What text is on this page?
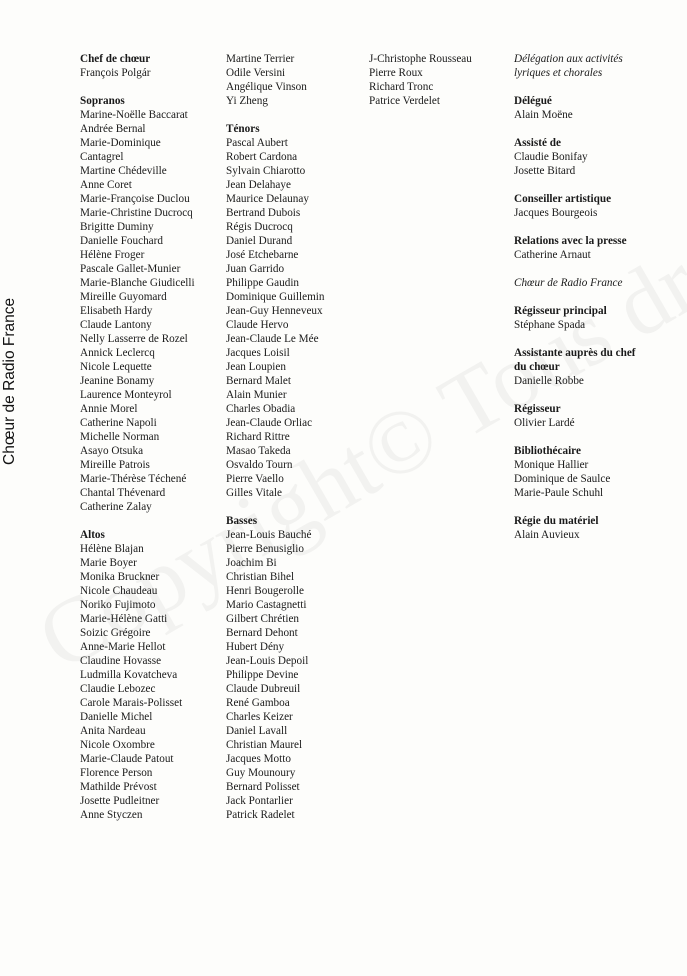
Chœur de Radio France
Chef de chœur
François Polgár
Sopranos
Marine-Noëlle Baccarat
Andrée Bernal
Marie-Dominique
Cantagrel
Martine Chédeville
Anne Coret
Marie-Françoise Duclou
Marie-Christine Ducrocq
Brigitte Duminy
Danielle Fouchard
Hélène Froger
Pascale Gallet-Munier
Marie-Blanche Giudicelli
Mireille Guyomard
Elisabeth Hardy
Claude Lantony
Nelly Lasserre de Rozel
Annick Leclercq
Nicole Lequette
Jeanine Bonamy
Laurence Monteyrol
Annie Morel
Catherine Napoli
Michelle Norman
Asayo Otsuka
Mireille Patrois
Marie-Thérèse Téchené
Chantal Thévenard
Catherine Zalay
Altos
Hélène Blajan
Marie Boyer
Monika Bruckner
Nicole Chaudeau
Noriko Fujimoto
Marie-Hélène Gatti
Soizic Grégoire
Anne-Marie Hellot
Claudine Hovasse
Ludmilla Kovatcheva
Claudie Lebozec
Carole Marais-Polisset
Danielle Michel
Anita Nardeau
Nicole Oxombre
Marie-Claude Patout
Florence Person
Mathilde Prévost
Josette Pudleitner
Anne Styczen
Martine Terrier
Odile Versini
Angélique Vinson
Yi Zheng
Ténors
Pascal Aubert
Robert Cardona
Sylvain Chiarotto
Jean Delahaye
Maurice Delaunay
Bertrand Dubois
Régis Ducrocq
Daniel Durand
José Etchebarne
Juan Garrido
Philippe Gaudin
Dominique Guillemin
Jean-Guy Henneveux
Claude Hervo
Jean-Claude Le Mée
Jacques Loisil
Jean Loupien
Bernard Malet
Alain Munier
Charles Obadia
Jean-Claude Orliac
Richard Rittre
Masao Takeda
Osvaldo Tourn
Pierre Vaello
Gilles Vitale
Basses
Jean-Louis Bauché
Pierre Benusiglio
Joachim Bi
Christian Bihel
Henri Bougerolle
Mario Castagnetti
Gilbert Chrétien
Bernard Dehont
Hubert Dény
Jean-Louis Depoil
Philippe Devine
Claude Dubreuil
René Gamboa
Charles Keizer
Daniel Lavall
Christian Maurel
Jacques Motto
Guy Mounoury
Bernard Polisset
Jack Pontarlier
Patrick Radelet
J-Christophe Rousseau
Pierre Roux
Richard Tronc
Patrice Verdelet
Délégation aux activités
lyriques et chorales
Délégué
Alain Moëne
Assisté de
Claudie Bonifay
Josette Bitard
Conseiller artistique
Jacques Bourgeois
Relations avec la presse
Catherine Arnaut
Chœur de Radio France
Régisseur principal
Stéphane Spada
Assistante auprès du chef
du chœur
Danielle Robbe
Régisseur
Olivier Lardé
Bibliothécaire
Monique Hallier
Dominique de Saulce
Marie-Paule Schuhl
Régie du matériel
Alain Auvieux
